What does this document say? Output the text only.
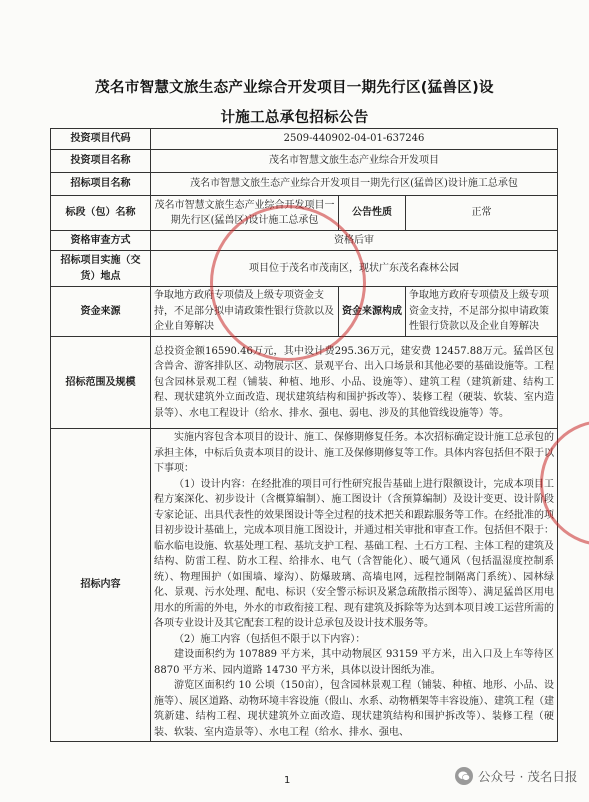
茂名市智慧文旅生态产业综合开发项目一期先行区(猛兽区)设
计施工总承包招标公告
投资项目代码	2509-440902-04-01-637246		
投资项目名称	茂名市智慧文旅生态产业综合开发项目		
招标项目名称	茂名市智慧文旅生态产业综合开发项目一期先行区(猛兽区)设计施工总承包		
标段（包）名称	茂名市智慧文旅生态产业综合开发项目一期先行区(猛兽区)设计施工总承包	公告性质	正常
资格审查方式	资格后审		
招标项目实施（交货）地点	项目位于茂名市茂南区，现状广东茂名森林公园		
资金来源	争取地方政府专项债及上级专项资金支持，不足部分拟申请政策性银行贷款以及企业自筹解决	资金来源构成	争取地方政府专项债及上级专项资金支持，不足部分拟申请政策性银行贷款以及企业自筹解决
招标范围及规模	总投资金额16590.46万元，其中设计费295.36万元，建安费 12457.88万元。猛兽区包含兽舍、游客排队区、动物展示区、景观平台、出入口场景和其他必要的基础设施等。工程包含园林景观工程（铺装、种植、地形、小品、设施等）、建筑工程（建筑新建、结构工程、现状建筑外立面改造、现状建筑结构和围护拆改等）、装修工程（硬装、软装、室内造景等）、水电工程设计（给水、排水、强电、弱电、涉及的其他管线设施等）等。		

招标内容	实施内容包含本项目的设计、施工、保修期修复任务。本次招标确定设计施工总承包的承担主体，中标后负责本项目的设计、施工及保修期修复等工作。具体内容包括但不限于以下事项：

（1）设计内容：在经批准的项目可行性研究报告基础上进行限额设计，完成本项目工程方案深化、初步设计（含概算编制）、施工图设计（含预算编制）及设计变更、设计阶段专家论证、出具代表性的效果图设计等全过程的技术把关和跟踪服务等工作。在经批准的项目初步设计基础上，完成本项目施工图设计，并通过相关审批和审查工作。包括但不限于：临水临电设施、软基处理工程、基坑支护工程、基础工程、土石方工程、主体工程的建筑及结构、防雷工程、防水工程、给排水、电气（含智能化）、暖气通风（包括温湿度控制系统）、物理围护（如围墙、壕沟）、防爆玻璃、高墙电网，远程控制隔离门系统）、园林绿化、景观、污水处理、配电、标识（安全警示标识及紧急疏散指示图等）、满足猛兽区用电用水的所需的外电，外水的市政衔接工程、现有建筑及拆除等为达到本项目竣工运营所需的各项专业设计及其它配套工程的设计总承包及设计技术服务等。

（2）施工内容（包括但不限于以下内容）：

建设面积约为 107889 平方米，其中动物展区 93159 平方米，出入口及上车等待区 8870 平方米、园内道路 14730 平方米，具体以设计图纸为准。

游览区面积约 10 公顷（150亩），包含园林景观工程（铺装、种植、地形、小品、设施等）、展区道路、动物环境丰容设施（假山、水系、动物栖架等丰容设施）、建筑工程（建筑新建、结构工程、现状建筑外立面改造、现状建筑结构和围护拆改等）、装修工程（硬装、软装、室内造景等）、水电工程（给水、排水、强电、		

1	公众号 · 茂名日报
